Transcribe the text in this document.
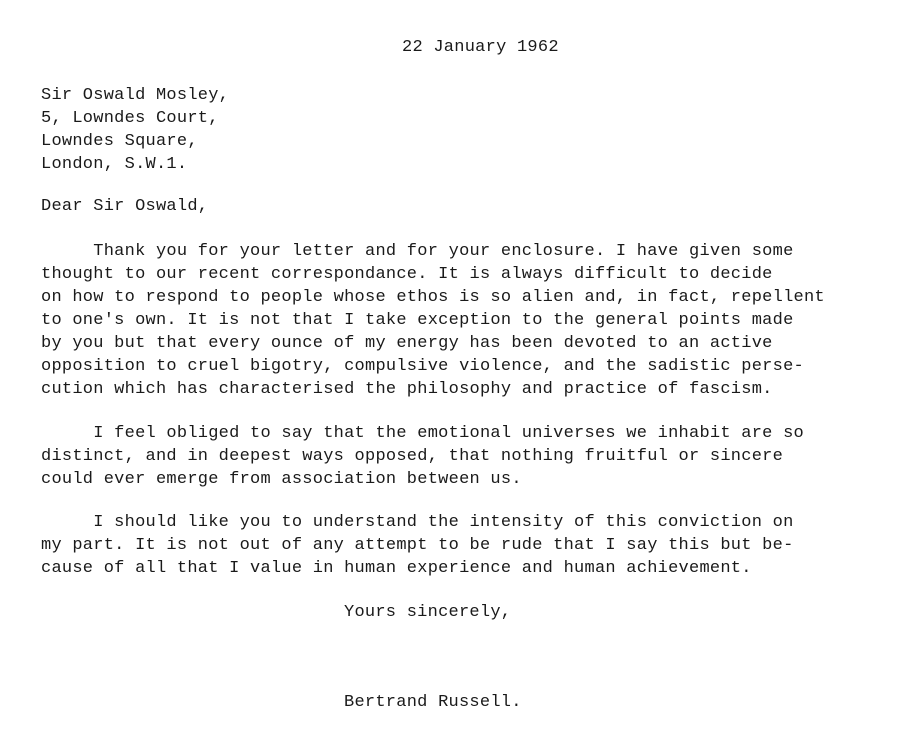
22 January 1962
Sir Oswald Mosley,
5, Lowndes Court,
Lowndes Square,
London, S.W.1.
Dear Sir Oswald,
Thank you for your letter and for your enclosure. I have given some
thought to our recent correspondance. It is always difficult to decide
on how to respond to people whose ethos is so alien and, in fact, repellent
to one's own. It is not that I take exception to the general points made
by you but that every ounce of my energy has been devoted to an active
opposition to cruel bigotry, compulsive violence, and the sadistic perse-
cution which has characterised the philosophy and practice of fascism.
I feel obliged to say that the emotional universes we inhabit are so
distinct, and in deepest ways opposed, that nothing fruitful or sincere
could ever emerge from association between us.
I should like you to understand the intensity of this conviction on
my part. It is not out of any attempt to be rude that I say this but be-
cause of all that I value in human experience and human achievement.
Yours sincerely,
Bertrand Russell.
